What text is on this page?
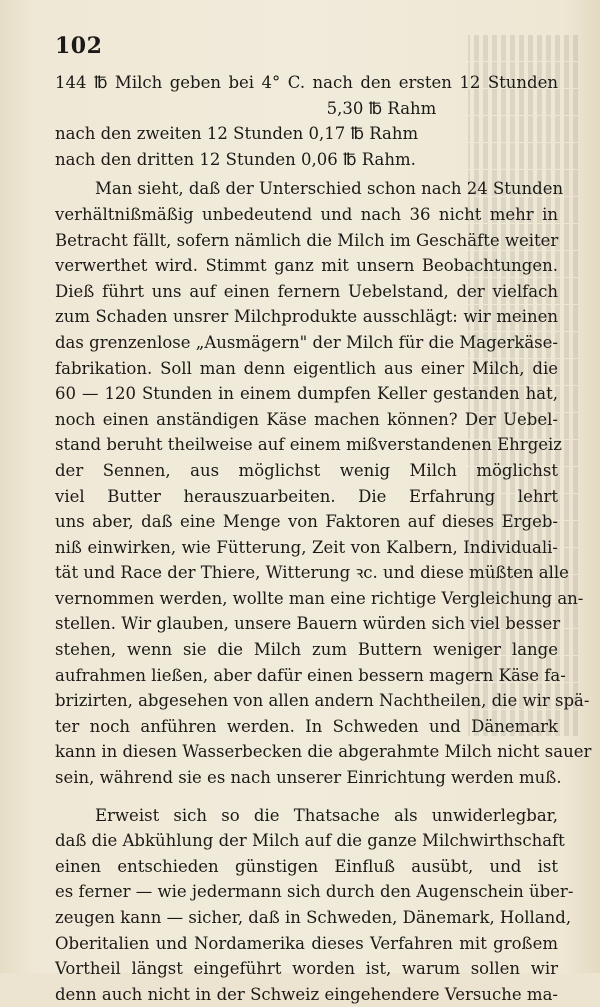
102
144 ℔ Milch geben bei 4° C. nach den ersten 12 Stunden
5,30 ℔ Rahm
nach den zweiten 12 Stunden 0,17 ℔ Rahm
nach den dritten 12 Stunden 0,06 ℔ Rahm.
Man sieht, daß der Unterschied schon nach 24 Stunden
verhältnißmäßig unbedeutend und nach 36 nicht mehr in
Betracht fällt, sofern nämlich die Milch im Geschäfte weiter
verwerthet wird. Stimmt ganz mit unsern Beobachtungen.
Dieß führt uns auf einen fernern Uebelstand, der vielfach
zum Schaden unsrer Milchprodukte ausschlägt: wir meinen
das grenzenlose „Ausmägern" der Milch für die Magerkäse-
fabrikation. Soll man denn eigentlich aus einer Milch, die
60 — 120 Stunden in einem dumpfen Keller gestanden hat,
noch einen anständigen Käse machen können? Der Uebel-
stand beruht theilweise auf einem mißverstandenen Ehrgeiz
der Sennen, aus möglichst wenig Milch möglichst
viel Butter herauszuarbeiten. Die Erfahrung lehrt
uns aber, daß eine Menge von Faktoren auf dieses Ergeb-
niß einwirken, wie Fütterung, Zeit von Kalbern, Individuali-
tät und Race der Thiere, Witterung ꝛc. und diese müßten alle
vernommen werden, wollte man eine richtige Vergleichung an-
stellen. Wir glauben, unsere Bauern würden sich viel besser
stehen, wenn sie die Milch zum Buttern weniger lange
aufrahmen ließen, aber dafür einen bessern magern Käse fa-
brizirten, abgesehen von allen andern Nachtheilen, die wir spä-
ter noch anführen werden. In Schweden und Dänemark
kann in diesen Wasserbecken die abgerahmte Milch nicht sauer
sein, während sie es nach unserer Einrichtung werden muß.
Erweist sich so die Thatsache als unwiderlegbar,
daß die Abkühlung der Milch auf die ganze Milchwirthschaft
einen entschieden günstigen Einfluß ausübt, und ist
es ferner — wie jedermann sich durch den Augenschein über-
zeugen kann — sicher, daß in Schweden, Dänemark, Holland,
Oberitalien und Nordamerika dieses Verfahren mit großem
Vortheil längst eingeführt worden ist, warum sollen wir
denn auch nicht in der Schweiz eingehendere Versuche ma-
